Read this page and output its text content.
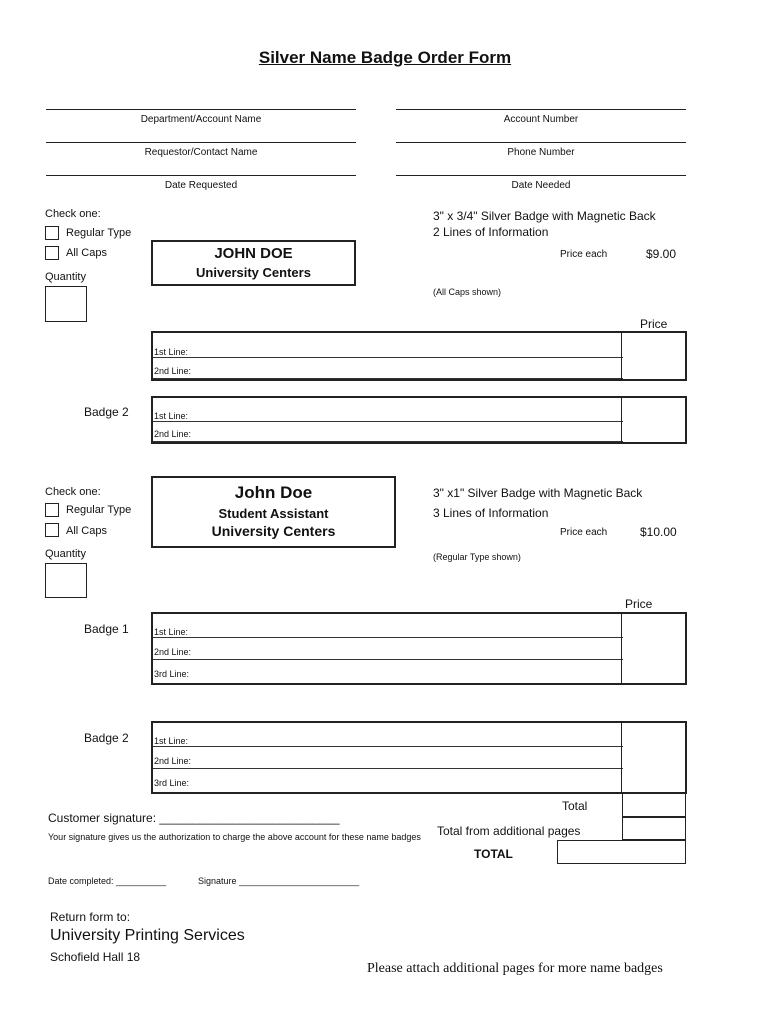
Silver Name Badge Order Form
Department/Account Name	Account Number
Requestor/Contact Name	Phone Number
Date Requested	Date Needed
Check one:
Regular Type
All Caps
Quantity
JOHN DOE
University Centers
3" x 3/4" Silver Badge with Magnetic Back
2 Lines of Information
Price each	$9.00
(All Caps shown)
Price
1st Line:
2nd Line:
Badge 2	1st Line:
2nd Line:
Check one:
Regular Type
All Caps
Quantity
John Doe
Student Assistant
University Centers
3" x1" Silver Badge with Magnetic Back
3 Lines of Information
Price each	$10.00
(Regular Type shown)
Price
Badge 1	1st Line:
2nd Line:
3rd Line:
Badge 2	1st Line:
2nd Line:
3rd Line:
Customer signature: ___________________________
Your signature gives us the authorization to charge the above account for these name badges
Total
Total from additional pages
TOTAL
Date completed: __________	Signature ________________________
Return form to:
University Printing Services
Schofield Hall 18
Please attach additional pages for more name badges
